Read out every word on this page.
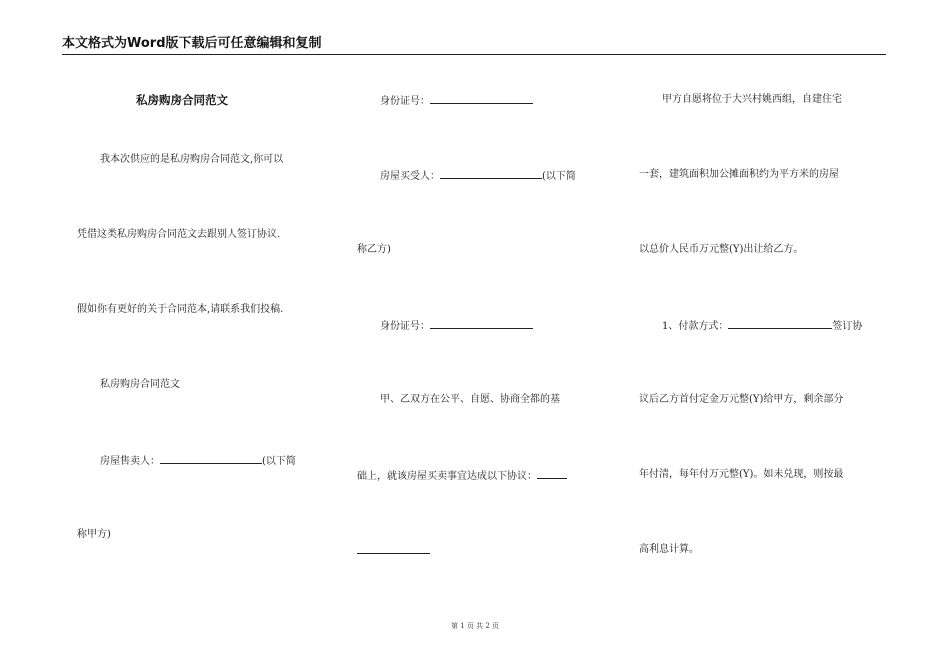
本文格式为Word版下载后可任意编辑和复制
私房购房合同范文
我本次供应的是私房购房合同范文,你可以
凭借这类私房购房合同范文去跟别人签订协议.
假如你有更好的关于合同范本,请联系我们投稿.
私房购房合同范文
房屋售卖人：	(以下简
称甲方)
身份证号：
房屋买受人：	(以下简
称乙方)
身份证号：
甲、乙双方在公平、自愿、协商全都的基
础上，就该房屋买卖事宜达成以下协议：
甲方自愿将位于大兴村姚西组，自建住宅
一套，建筑面积加公摊面积约为平方米的房屋
以总价人民币万元整(Y)出让给乙方。
1、付款方式：	签订协
议后乙方首付定金万元整(Y)给甲方，剩余部分
年付清，每年付万元整(Y)。如未兑现，则按最
高利息计算。
第 1 页 共 2 页
